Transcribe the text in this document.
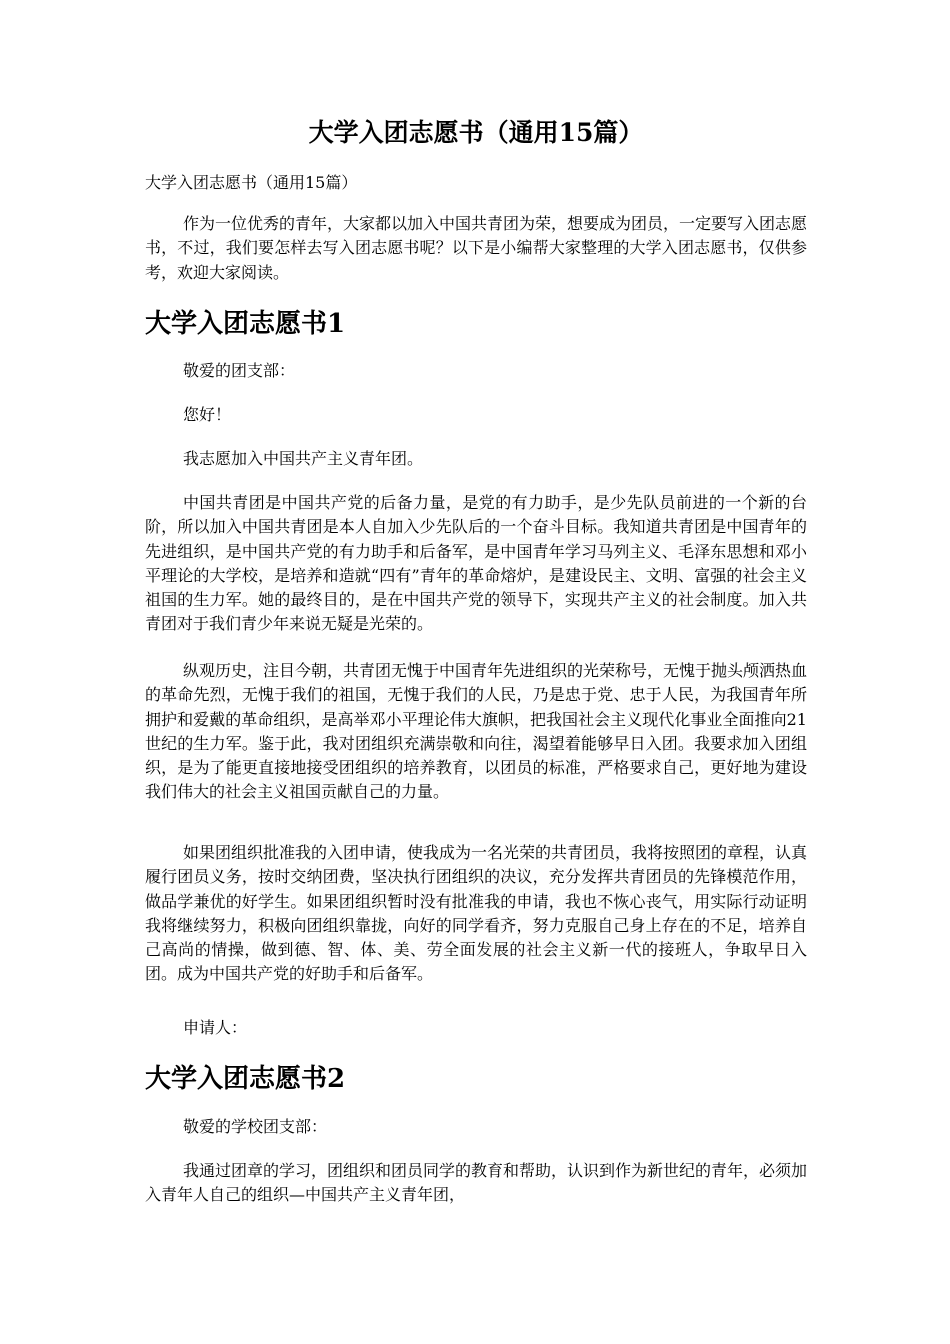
大学入团志愿书（通用15篇）

大学入团志愿书（通用15篇）

作为一位优秀的青年，大家都以加入中国共青团为荣，想要成为团员，一定要写入团志愿书，不过，我们要怎样去写入团志愿书呢？以下是小编帮大家整理的大学入团志愿书，仅供参考，欢迎大家阅读。

大学入团志愿书1

敬爱的团支部：

您好！

我志愿加入中国共产主义青年团。

中国共青团是中国共产党的后备力量，是党的有力助手，是少先队员前进的一个新的台阶，所以加入中国共青团是本人自加入少先队后的一个奋斗目标。我知道共青团是中国青年的先进组织，是中国共产党的有力助手和后备军，是中国青年学习马列主义、毛泽东思想和邓小平理论的大学校，是培养和造就“四有”青年的革命熔炉，是建设民主、文明、富强的社会主义祖国的生力军。她的最终目的，是在中国共产党的领导下，实现共产主义的社会制度。加入共青团对于我们青少年来说无疑是光荣的。

纵观历史，注目今朝，共青团无愧于中国青年先进组织的光荣称号，无愧于抛头颅洒热血的革命先烈，无愧于我们的祖国，无愧于我们的人民，乃是忠于党、忠于人民，为我国青年所拥护和爱戴的革命组织，是高举邓小平理论伟大旗帜，把我国社会主义现代化事业全面推向21世纪的生力军。鉴于此，我对团组织充满崇敬和向往，渴望着能够早日入团。我要求加入团组织，是为了能更直接地接受团组织的培养教育，以团员的标准，严格要求自己，更好地为建设我们伟大的社会主义祖国贡献自己的力量。

如果团组织批准我的入团申请，使我成为一名光荣的共青团员，我将按照团的章程，认真履行团员义务，按时交纳团费，坚决执行团组织的决议，充分发挥共青团员的先锋模范作用，做品学兼优的好学生。如果团组织暂时没有批准我的申请，我也不恢心丧气，用实际行动证明我将继续努力，积极向团组织靠拢，向好的同学看齐，努力克服自己身上存在的不足，培养自己高尚的情操，做到德、智、体、美、劳全面发展的社会主义新一代的接班人，争取早日入团。成为中国共产党的好助手和后备军。

申请人：

大学入团志愿书2

敬爱的学校团支部：

我通过团章的学习，团组织和团员同学的教育和帮助，认识到作为新世纪的青年，必须加入青年人自己的组织—中国共产主义青年团，
